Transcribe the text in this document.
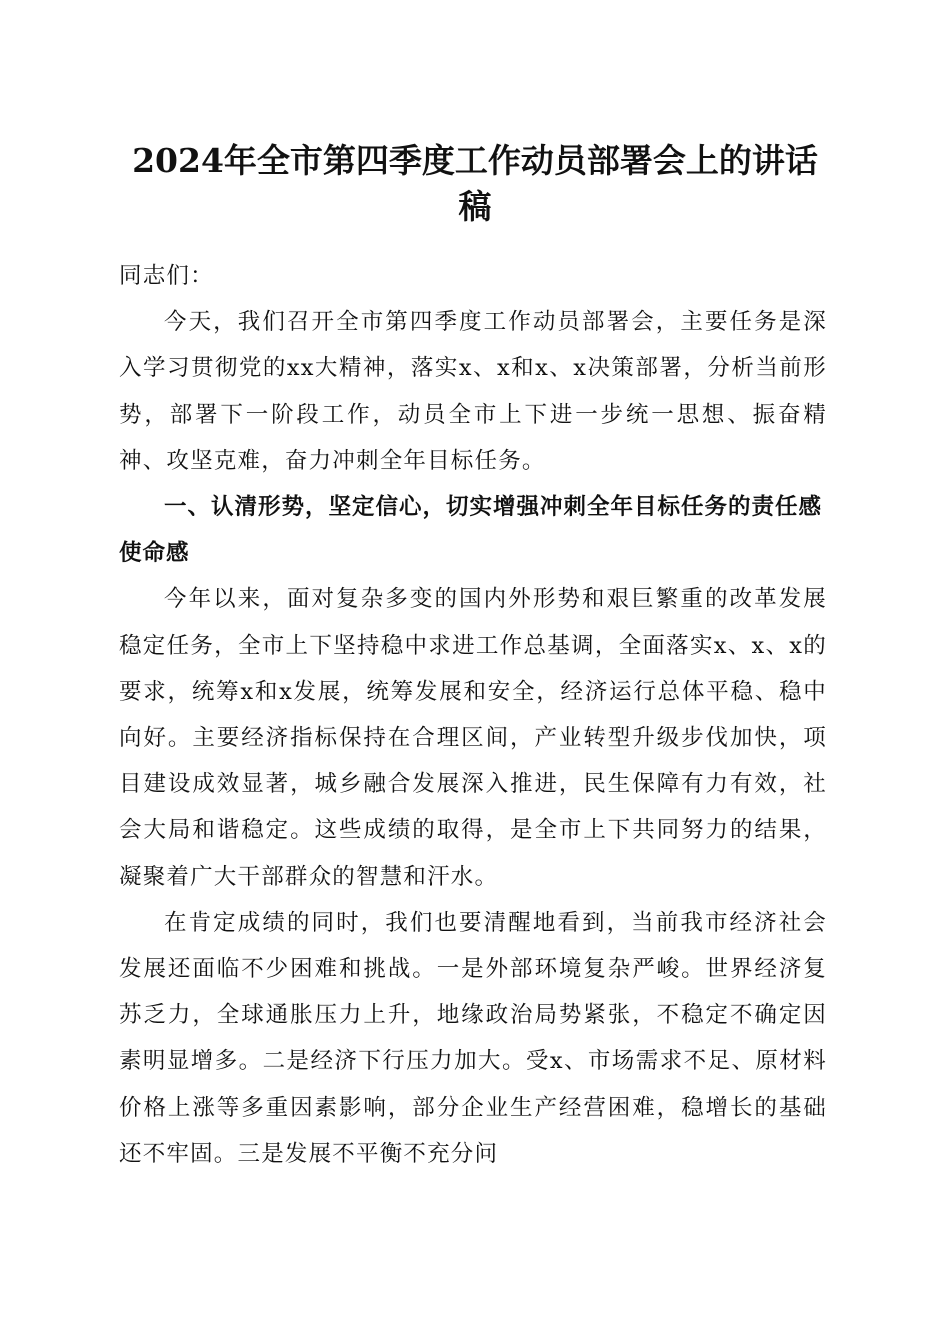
2024年全市第四季度工作动员部署会上的讲话稿

同志们：

今天，我们召开全市第四季度工作动员部署会，主要任务是深入学习贯彻党的xx大精神，落实x、x和x、x决策部署，分析当前形势，部署下一阶段工作，动员全市上下进一步统一思想、振奋精神、攻坚克难，奋力冲刺全年目标任务。

一、认清形势，坚定信心，切实增强冲刺全年目标任务的责任感使命感

今年以来，面对复杂多变的国内外形势和艰巨繁重的改革发展稳定任务，全市上下坚持稳中求进工作总基调，全面落实x、x、x的要求，统筹x和x发展，统筹发展和安全，经济运行总体平稳、稳中向好。主要经济指标保持在合理区间，产业转型升级步伐加快，项目建设成效显著，城乡融合发展深入推进，民生保障有力有效，社会大局和谐稳定。这些成绩的取得，是全市上下共同努力的结果，凝聚着广大干部群众的智慧和汗水。

在肯定成绩的同时，我们也要清醒地看到，当前我市经济社会发展还面临不少困难和挑战。一是外部环境复杂严峻。世界经济复苏乏力，全球通胀压力上升，地缘政治局势紧张，不稳定不确定因素明显增多。二是经济下行压力加大。受x、市场需求不足、原材料价格上涨等多重因素影响，部分企业生产经营困难，稳增长的基础还不牢固。三是发展不平衡不充分问
